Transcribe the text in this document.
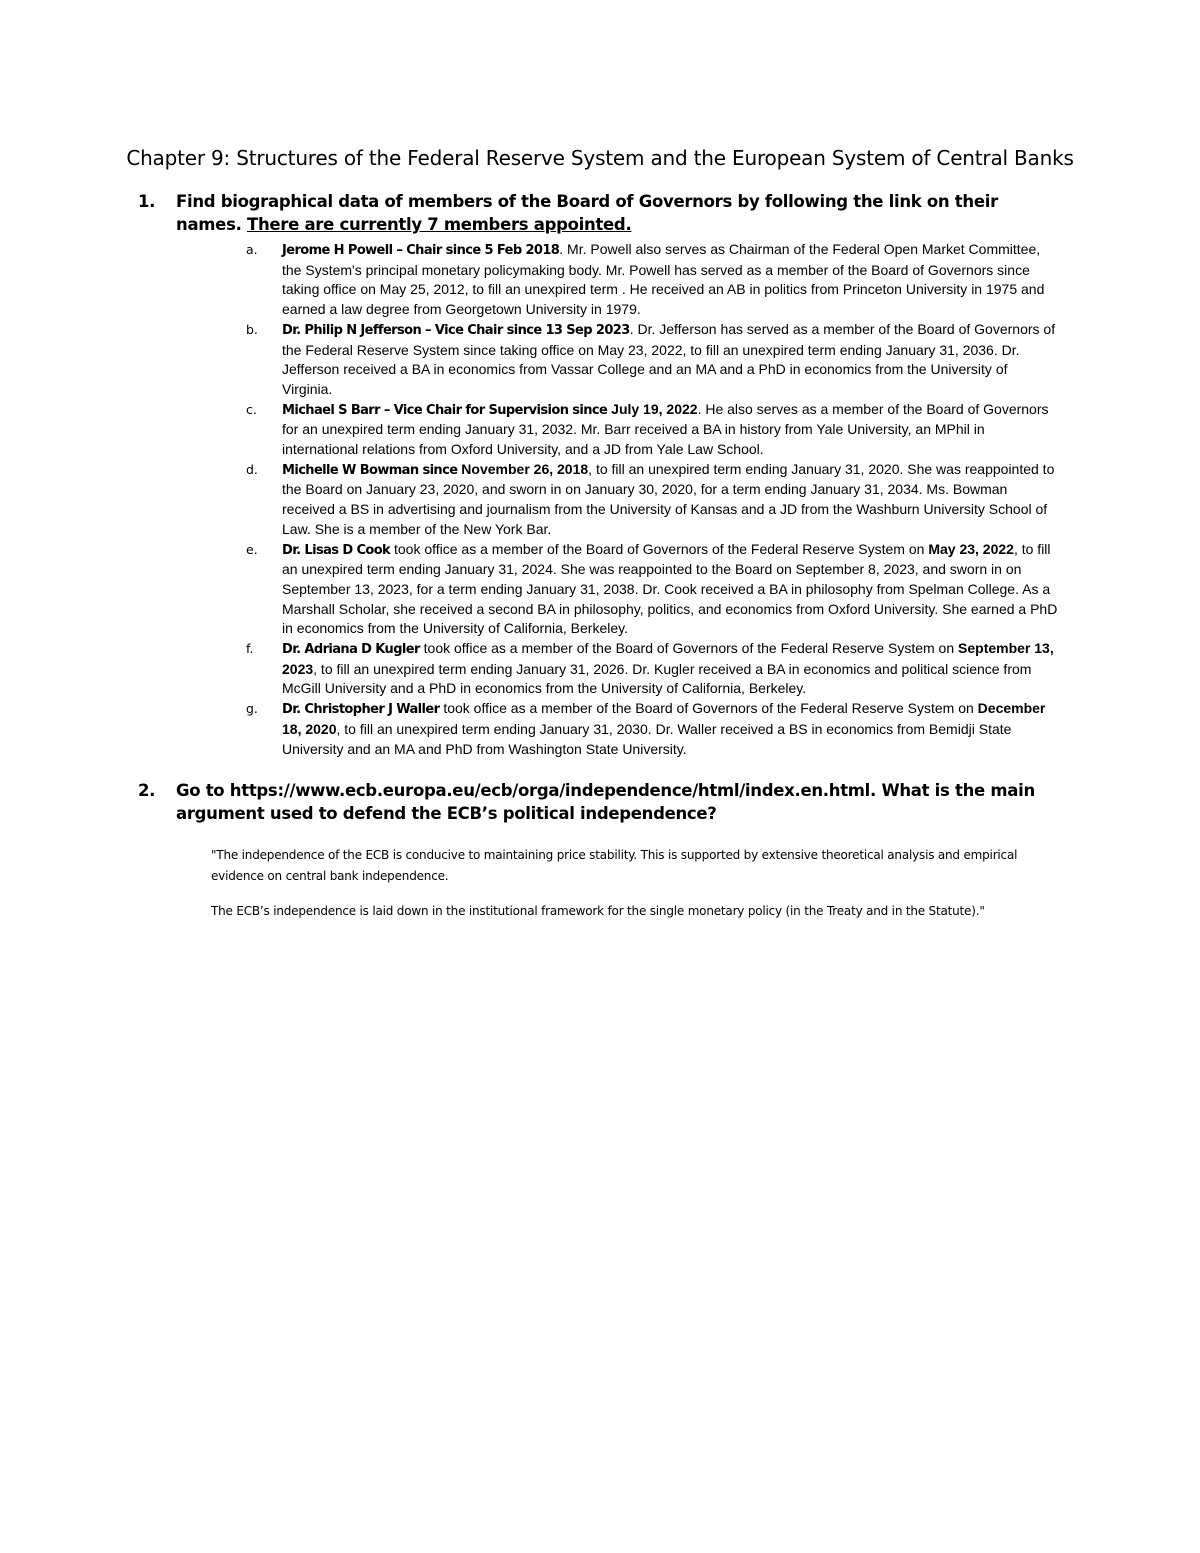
Chapter 9: Structures of the Federal Reserve System and the European System of Central Banks
1.	Find biographical data of members of the Board of Governors by following the link on their names. There are currently 7 members appointed.
a.	Jerome H Powell – Chair since 5 Feb 2018. Mr. Powell also serves as Chairman of the Federal Open Market Committee, the System's principal monetary policymaking body. Mr. Powell has served as a member of the Board of Governors since taking office on May 25, 2012, to fill an unexpired term . He received an AB in politics from Princeton University in 1975 and earned a law degree from Georgetown University in 1979.
b.	Dr. Philip N Jefferson – Vice Chair since 13 Sep 2023. Dr. Jefferson has served as a member of the Board of Governors of the Federal Reserve System since taking office on May 23, 2022, to fill an unexpired term ending January 31, 2036. Dr. Jefferson received a BA in economics from Vassar College and an MA and a PhD in economics from the University of Virginia.
c.	Michael S Barr – Vice Chair for Supervision since July 19, 2022. He also serves as a member of the Board of Governors for an unexpired term ending January 31, 2032. Mr. Barr received a BA in history from Yale University, an MPhil in international relations from Oxford University, and a JD from Yale Law School.
d.	Michelle W Bowman since November 26, 2018, to fill an unexpired term ending January 31, 2020. She was reappointed to the Board on January 23, 2020, and sworn in on January 30, 2020, for a term ending January 31, 2034. Ms. Bowman received a BS in advertising and journalism from the University of Kansas and a JD from the Washburn University School of Law. She is a member of the New York Bar.
e.	Dr. Lisas D Cook took office as a member of the Board of Governors of the Federal Reserve System on May 23, 2022, to fill an unexpired term ending January 31, 2024. She was reappointed to the Board on September 8, 2023, and sworn in on September 13, 2023, for a term ending January 31, 2038. Dr. Cook received a BA in philosophy from Spelman College. As a Marshall Scholar, she received a second BA in philosophy, politics, and economics from Oxford University. She earned a PhD in economics from the University of California, Berkeley.
f.	Dr. Adriana D Kugler took office as a member of the Board of Governors of the Federal Reserve System on September 13, 2023, to fill an unexpired term ending January 31, 2026. Dr. Kugler received a BA in economics and political science from McGill University and a PhD in economics from the University of California, Berkeley.
g.	Dr. Christopher J Waller took office as a member of the Board of Governors of the Federal Reserve System on December 18, 2020, to fill an unexpired term ending January 31, 2030. Dr. Waller received a BS in economics from Bemidji State University and an MA and PhD from Washington State University.
2.	Go to https://www.ecb.europa.eu/ecb/orga/independence/html/index.en.html. What is the main argument used to defend the ECB’s political independence?

"The independence of the ECB is conducive to maintaining price stability. This is supported by extensive theoretical analysis and empirical evidence on central bank independence.

The ECB’s independence is laid down in the institutional framework for the single monetary policy (in the Treaty and in the Statute)."
